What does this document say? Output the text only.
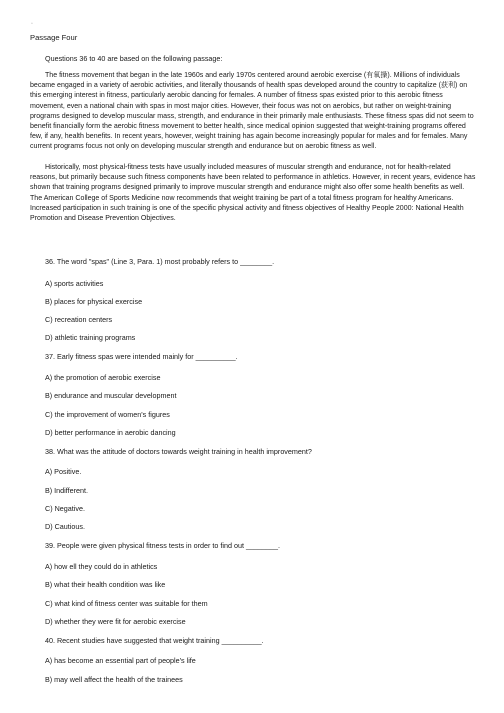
▫
Passage Four
Questions 36 to 40 are based on the following passage:
The fitness movement that began in the late 1960s and early 1970s centered around aerobic exercise (有氧操). Millions of individuals became engaged in a variety of aerobic activities, and literally thousands of health spas developed around the country to capitalize (获利) on this emerging interest in fitness, particularly aerobic dancing for females. A number of fitness spas existed prior to this aerobic fitness movement, even a national chain with spas in most major cities. However, their focus was not on aerobics, but rather on weight-training programs designed to develop muscular mass, strength, and endurance in their primarily male enthusiasts. These fitness spas did not seem to benefit financially form the aerobic fitness movement to better health, since medical opinion suggested that weight-training programs offered few, if any, health benefits. In recent years, however, weight training has again become increasingly popular for males and for females. Many current programs focus not only on developing muscular strength and endurance but on aerobic fitness as well.
Historically, most physical-fitness tests have usually included measures of muscular strength and endurance, not for health-related reasons, but primarily because such fitness components have been related to performance in athletics. However, in recent years, evidence has shown that training programs designed primarily to improve muscular strength and endurance might also offer some health benefits as well. The American College of Sports Medicine now recommends that weight training be part of a total fitness program for healthy Americans. Increased participation in such training is one of the specific physical activity and fitness objectives of Healthy People 2000: National Health Promotion and Disease Prevention Objectives.
36. The word "spas" (Line 3, Para. 1) most probably refers to ________.
A) sports activities
B) places for physical exercise
C) recreation centers
D) athletic training programs
37. Early fitness spas were intended mainly for __________.
A) the promotion of aerobic exercise
B) endurance and muscular development
C) the improvement of women's figures
D) better performance in aerobic dancing
38. What was the attitude of doctors towards weight training in health improvement?
A) Positive.
B) Indifferent.
C) Negative.
D) Cautious.
39. People were given physical fitness tests in order to find out ________.
A) how ell they could do in athletics
B) what their health condition was like
C) what kind of fitness center was suitable for them
D) whether they were fit for aerobic exercise
40. Recent studies have suggested that weight training __________.
A) has become an essential part of people's life
B) may well affect the health of the trainees
